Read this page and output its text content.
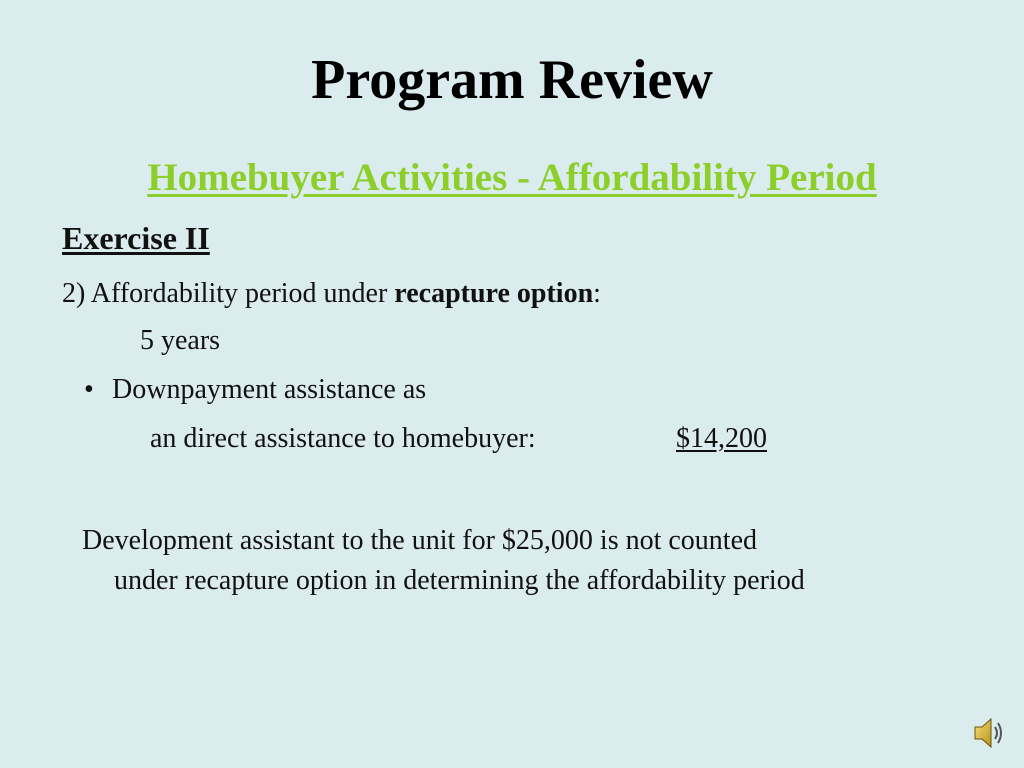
Program Review
Homebuyer Activities - Affordability Period
Exercise II
2) Affordability period under recapture option:
5 years
• Downpayment assistance as
an direct assistance to homebuyer:	$14,200
Development assistant to the unit for $25,000 is not counted
under recapture option in determining the affordability period
